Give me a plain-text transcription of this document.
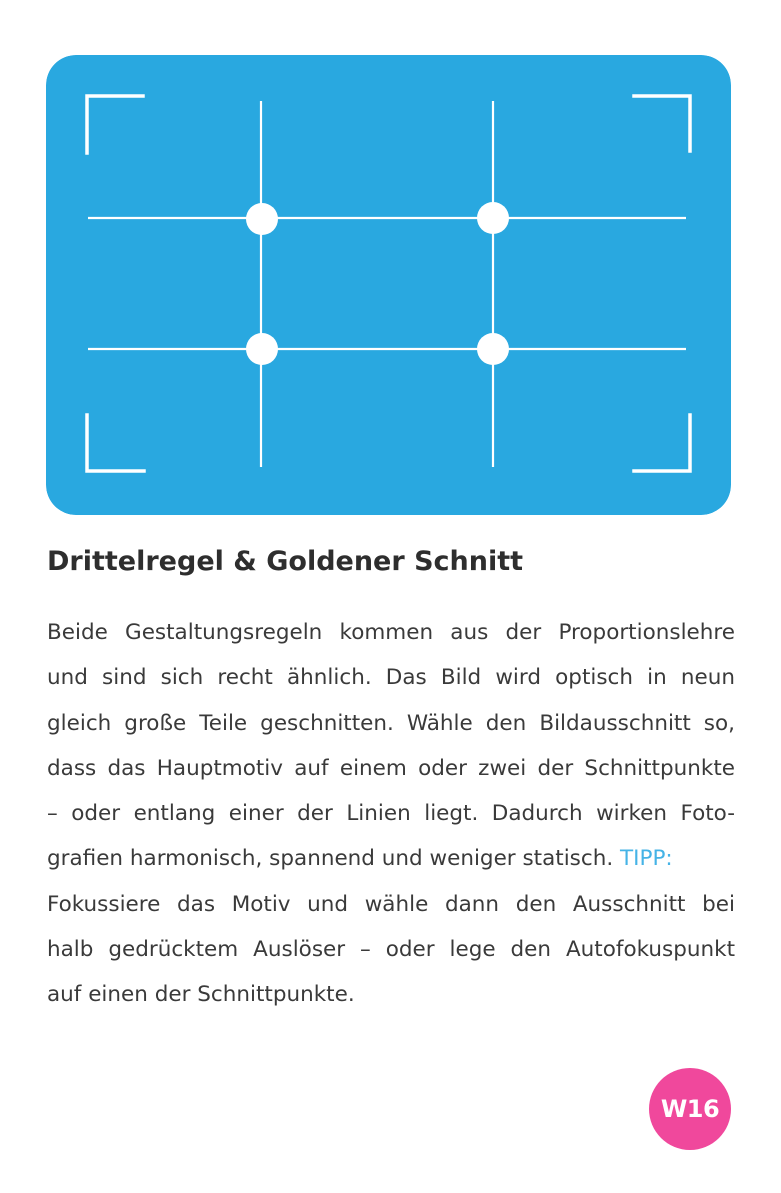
Drittelregel & Goldener Schnitt
Beide Gestaltungsregeln kommen aus der Proportionslehre
und sind sich recht ähnlich. Das Bild wird optisch in neun
gleich große Teile geschnitten. Wähle den Bildausschnitt so,
dass das Hauptmotiv auf einem oder zwei der Schnittpunkte
– oder entlang einer der Linien liegt. Dadurch wirken Foto-
grafien harmonisch, spannend und weniger statisch. TIPP:
Fokussiere das Motiv und wähle dann den Ausschnitt bei
halb gedrücktem Auslöser – oder lege den Autofokuspunkt
auf einen der Schnittpunkte.
W16
